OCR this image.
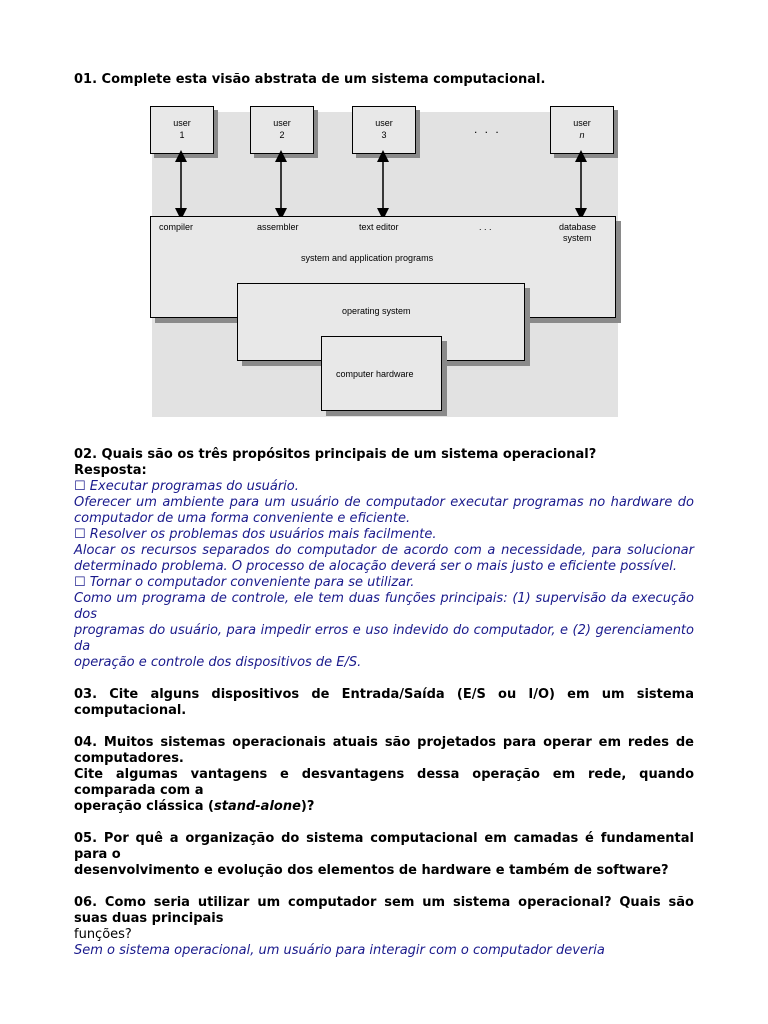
01. Complete esta visão abstrata de um sistema computacional.

user
1
user
2
user
3	. . .	user
n
compiler	assembler	text editor	. . .	database
system
system and application programs
operating system
computer hardware

02. Quais são os três propósitos principais de um sistema operacional?

Resposta:

☐ Executar programas do usuário.

Oferecer um ambiente para um usuário de computador executar programas no hardware do computador de uma forma conveniente e eficiente.

☐ Resolver os problemas dos usuários mais facilmente.

Alocar os recursos separados do computador de acordo com a necessidade, para solucionar determinado problema. O processo de alocação deverá ser o mais justo e eficiente possível.

☐ Tornar o computador conveniente para se utilizar.

Como um programa de controle, ele tem duas funções principais: (1) supervisão da execução dos

programas do usuário, para impedir erros e uso indevido do computador, e (2) gerenciamento da

operação e controle dos dispositivos de E/S.

03. Cite alguns dispositivos de Entrada/Saída (E/S ou I/O) em um sistema computacional.

04. Muitos sistemas operacionais atuais são projetados para operar em redes de computadores.

Cite algumas vantagens e desvantagens dessa operação em rede, quando comparada com a

operação clássica (stand-alone)?

05. Por quê a organização do sistema computacional em camadas é fundamental para o

desenvolvimento e evolução dos elementos de hardware e também de software?

06. Como seria utilizar um computador sem um sistema operacional? Quais são suas duas principais

funções?

Sem o sistema operacional, um usuário para interagir com o computador deveria
